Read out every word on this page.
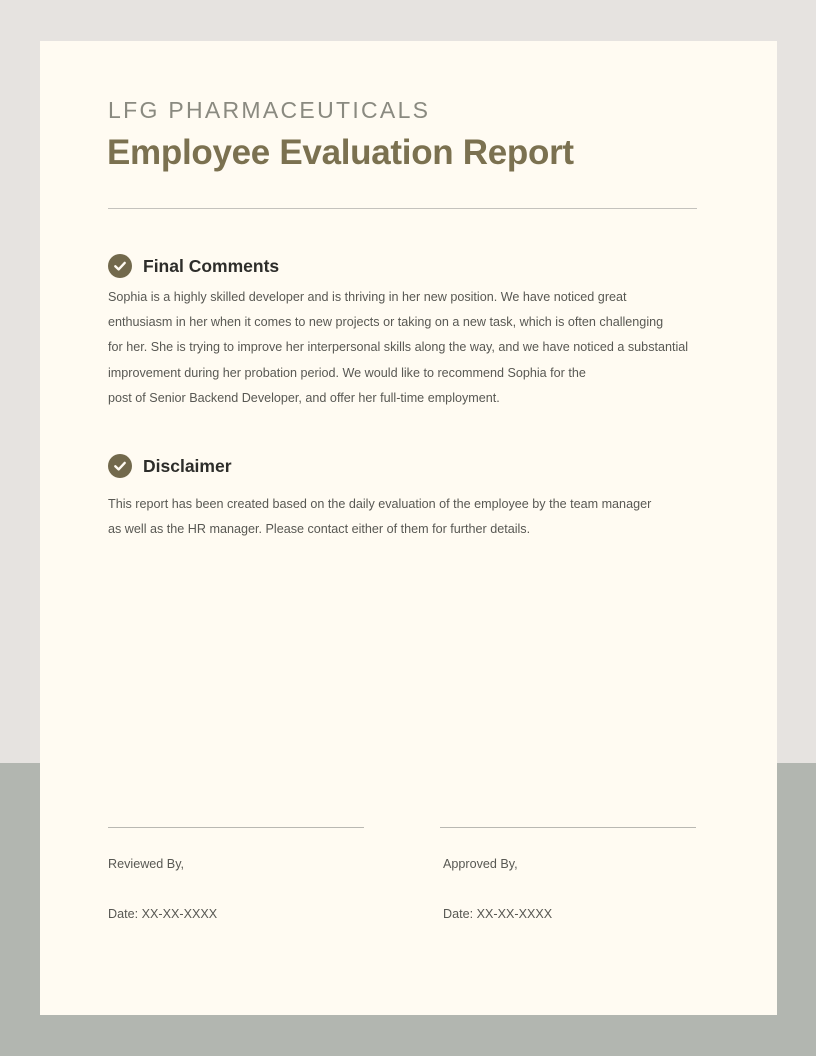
LFG PHARMACEUTICALS
Employee Evaluation Report
Final Comments
Sophia is a highly skilled developer and is thriving in her new position. We have noticed great
enthusiasm in her when it comes to new projects or taking on a new task, which is often challenging
for her. She is trying to improve her interpersonal skills along the way, and we have noticed a substantial
improvement during her probation period. We would like to recommend Sophia for the
post of Senior Backend Developer, and offer her full-time employment.
Disclaimer
This report has been created based on the daily evaluation of the employee by the team manager
as well as the HR manager. Please contact either of them for further details.
Reviewed By,	Approved By,
Date: XX-XX-XXXX	Date: XX-XX-XXXX
